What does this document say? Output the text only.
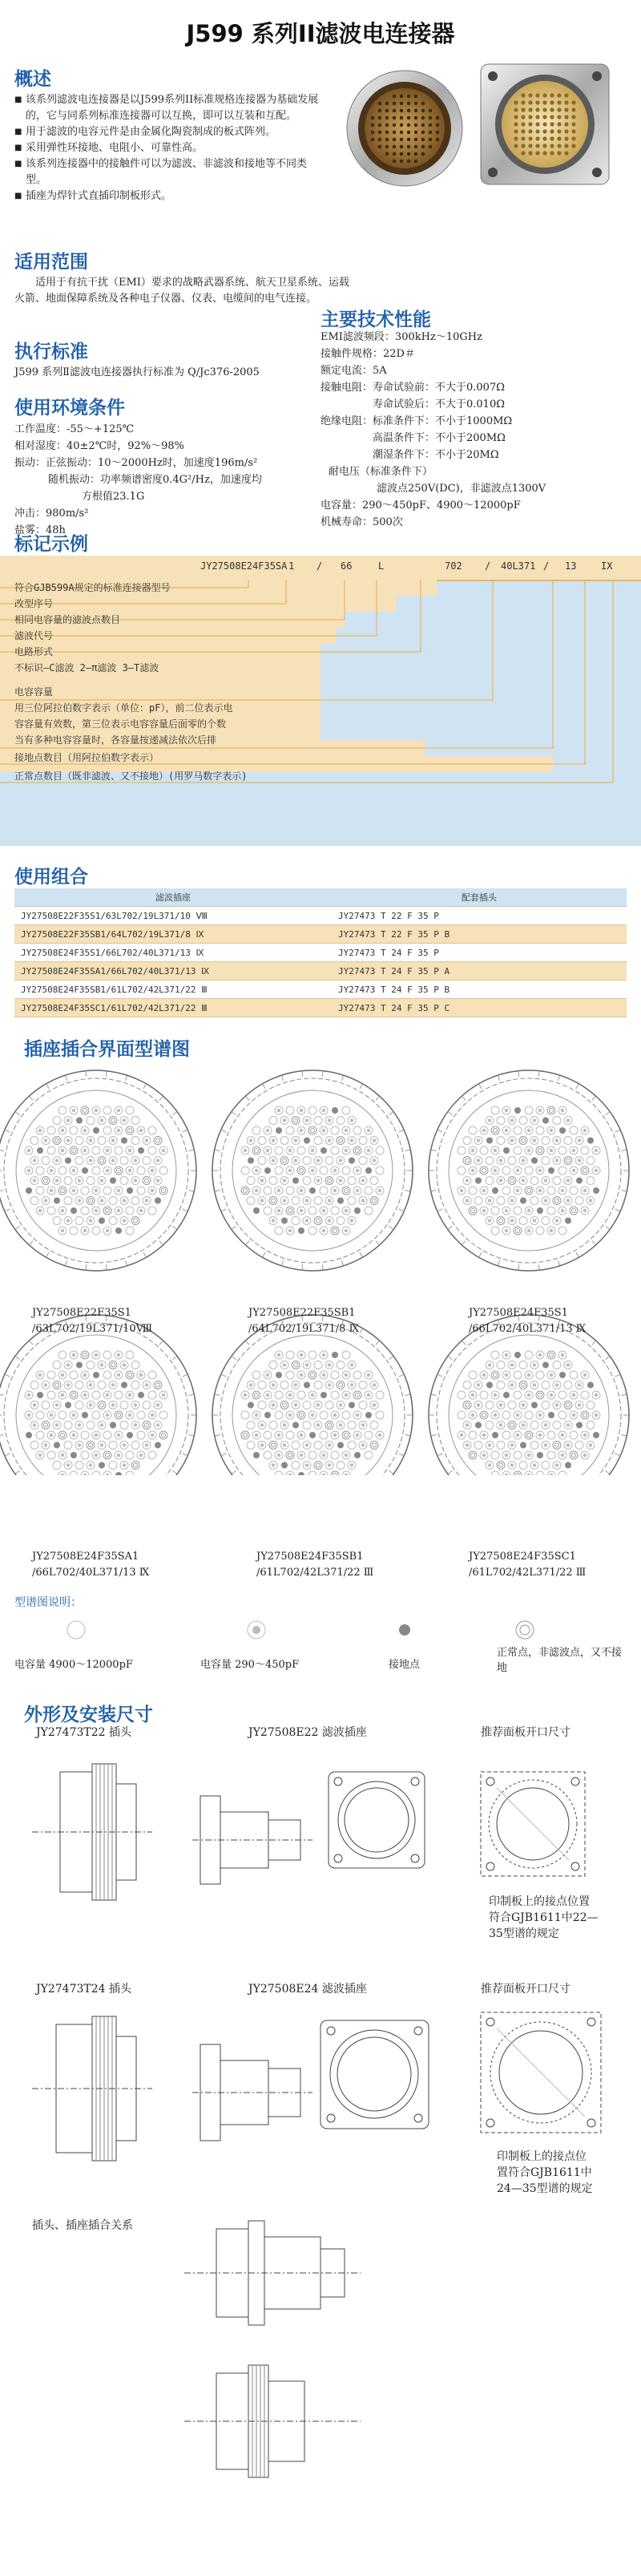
J599 系列II滤波电连接器
概述
■ 该系列滤波电连接器是以J599系列II标准规格连接器为基础发展的，它与同系列标准连接器可以互换，即可以互装和互配。
■ 用于滤波的电容元件是由金属化陶瓷制成的板式阵列。
■ 采用弹性环接地、电阻小、可靠性高。
■ 该系列连接器中的接触件可以为滤波、非滤波和接地等不同类型。
■ 插座为焊针式直插印制板形式。
适用范围
适用于有抗干扰（EMI）要求的战略武器系统、航天卫星系统、运载火箭、地面保障系统及各种电子仪器、仪表、电缆间的电气连接。
执行标准
J599 系列Ⅱ滤波电连接器执行标准为 Q/Jc376-2005
使用环境条件
工作温度：-55～+125℃
相对湿度：40±2℃时，92%～98%
振动：正弦振动：10～2000Hz时，加速度196m/s²
随机振动：功率频谱密度0.4G²/Hz，加速度均
方根值23.1G
冲击：980m/s²
盐雾：48h
主要技术性能
EMI滤波频段：300kHz～10GHz
接触件规格：22D＃
额定电流：5A
接触电阻：寿命试验前：不大于0.007Ω
寿命试验后：不大于0.010Ω
绝缘电阻：标准条件下：不小于1000MΩ
高温条件下：不小于200MΩ
潮湿条件下：不小于20MΩ
耐电压（标准条件下）
滤波点250V(DC)，非滤波点1300V
电容量：290～450pF、4900～12000pF
机械寿命：500次
标记示例
JY27508E24F35SA 1 / 66	L	702 / 40L371 / 13	IX
符合GJB599A规定的标准连接器型号
改型序号
相同电容量的滤波点数目
滤波代号
电路形式
不标识—C滤波 2—π滤波 3—T滤波
电容容量
用三位阿拉伯数字表示（单位：pF），前二位表示电
容容量有效数，第三位表示电容容量后面零的个数
当有多种电容容量时，各容量按递减法依次后排
接地点数目（用阿拉伯数字表示）
正常点数目（既非滤波、又不接地）(用罗马数字表示)
使用组合
滤波插座	配套插头
JY27508E22F35S1/63L702/19L371/10 Ⅷ	JY27473 T 22 F 35 P
JY27508E22F35SB1/64L702/19L371/8 Ⅸ	JY27473 T 22 F 35 P B
JY27508E24F35S1/66L702/40L371/13 Ⅸ	JY27473 T 24 F 35 P
JY27508E24F35SA1/66L702/40L371/13 Ⅸ	JY27473 T 24 F 35 P A
JY27508E24F35SB1/61L702/42L371/22 Ⅲ	JY27473 T 24 F 35 P B
JY27508E24F35SC1/61L702/42L371/22 Ⅲ	JY27473 T 24 F 35 P C
插座插合界面型谱图
JY27508E22F35S1
/63L702/19L371/10Ⅷ
JY27508E22F35SB1
/64L702/19L371/8 Ⅸ
JY27508E24F35S1
/66L702/40L371/13 Ⅸ
JY27508E24F35SA1
/66L702/40L371/13 Ⅸ
JY27508E24F35SB1
/61L702/42L371/22 Ⅲ
JY27508E24F35SC1
/61L702/42L371/22 Ⅲ
型谱图说明：
电容量 4900～12000pF	电容量 290～450pF	接地点
正常点，非滤波点，又不接地
外形及安装尺寸
JY27473T22 插头	JY27508E22 滤波插座	推荐面板开口尺寸
JY27473T24 插头	JY27508E24 滤波插座	推荐面板开口尺寸
插头、插座插合关系
印制板上的接点位置
符合GJB1611中22—
35型谱的规定
印制板上的接点位
置符合GJB1611中
24—35型谱的规定
